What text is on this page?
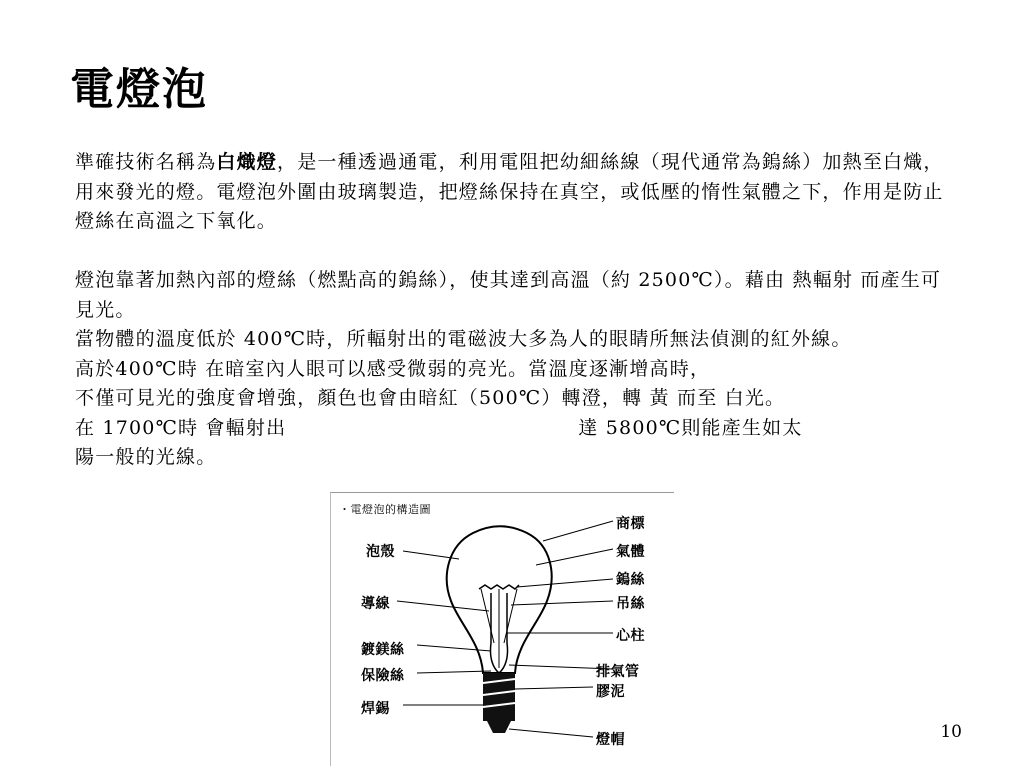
電燈泡

準確技術名稱為白熾燈，是一種透過通電，利用電阻把幼細絲線（現代通常為鎢絲）加熱至白熾，用來發光的燈。電燈泡外圍由玻璃製造，把燈絲保持在真空，或低壓的惰性氣體之下，作用是防止燈絲在高溫之下氧化。

燈泡靠著加熱內部的燈絲（燃點高的鎢絲），使其達到高溫（約 2500℃）。藉由 熱輻射 而產生可見光。

當物體的溫度低於 400℃時，所輻射出的電磁波大多為人的眼睛所無法偵測的紅外線。

高於400℃時 在暗室內人眼可以感受微弱的亮光。當溫度逐漸增高時，

不僅可見光的強度會增強，顏色也會由暗紅（500℃）轉澄，轉 黃 而至 白光。

在 1700℃時 會輻射出	達 5800℃則能產生如太

陽一般的光線。

・電燈泡的構造圖
商標
泡殼	氣體
鎢絲
導線	吊絲
心柱
鍍鎂絲
保險絲	排氣管
膠泥
焊錫
燈帽	10
